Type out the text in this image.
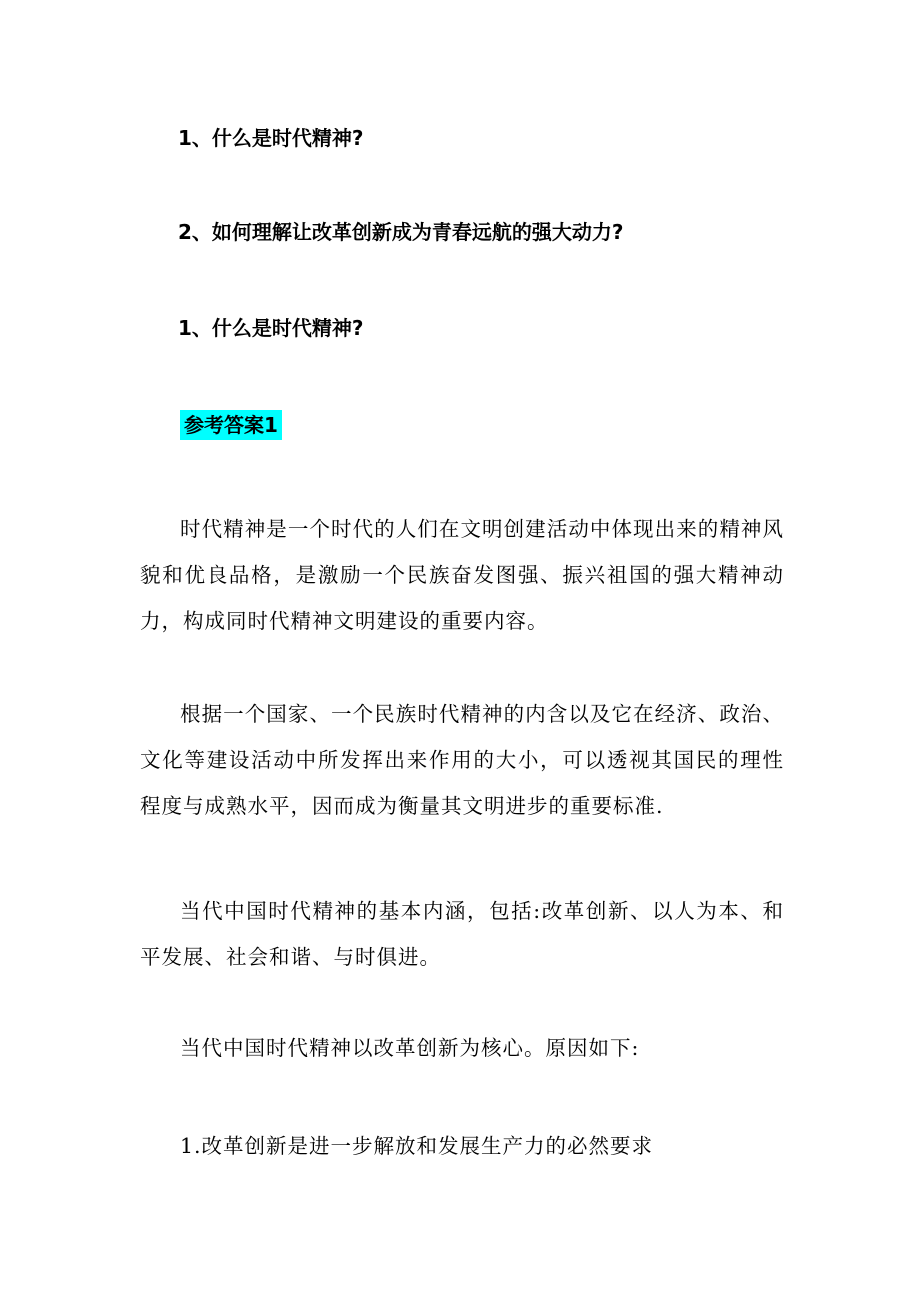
1、什么是时代精神?
2、如何理解让改革创新成为青春远航的强大动力?
1、什么是时代精神?
参考答案1

时代精神是一个时代的人们在文明创建活动中体现出来的精神风貌和优良品格，是激励一个民族奋发图强、振兴祖国的强大精神动力，构成同时代精神文明建设的重要内容。

根据一个国家、一个民族时代精神的内含以及它在经济、政治、文化等建设活动中所发挥出来作用的大小，可以透视其国民的理性程度与成熟水平，因而成为衡量其文明进步的重要标准.

当代中国时代精神的基本内涵，包括:改革创新、以人为本、和平发展、社会和谐、与时俱进。

当代中国时代精神以改革创新为核心。原因如下:

1.改革创新是进一步解放和发展生产力的必然要求
